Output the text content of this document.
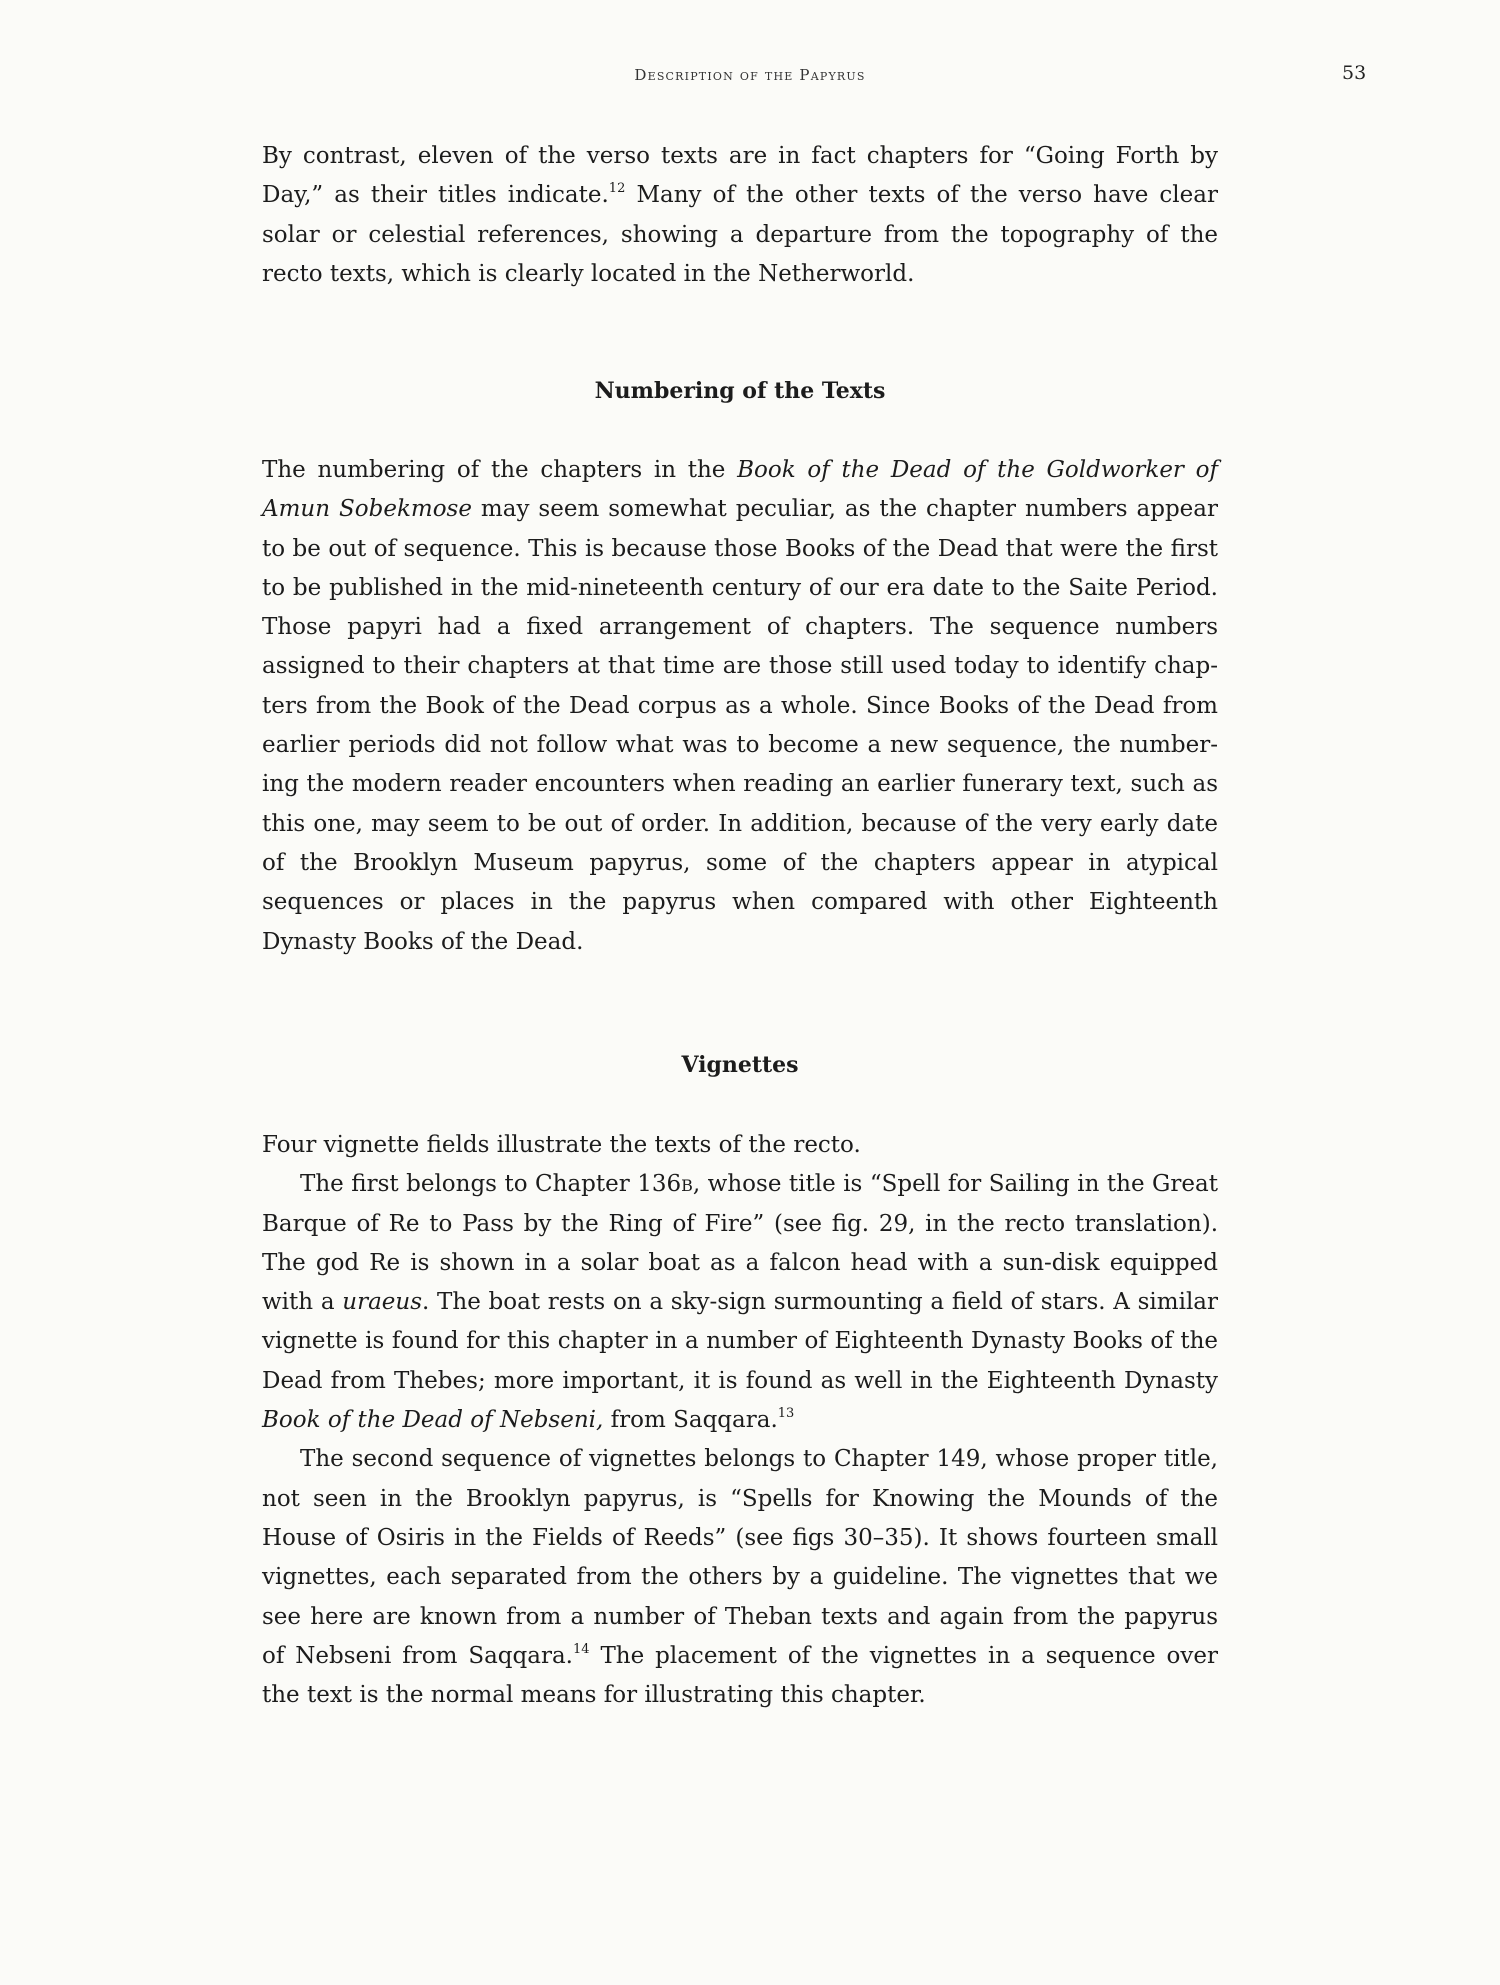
Description of the Papyrus	53

By contrast, eleven of the verso texts are in fact chapters for “Going Forth by Day,” as their titles indicate.$^{12}$ Many of the other texts of the verso have clear solar or celestial references, showing a departure from the topography of the recto texts, which is clearly located in the Netherworld.

Numbering of the Texts

The numbering of the chapters in the Book of the Dead of the Goldworker of Amun Sobekmose may seem somewhat peculiar, as the chapter numbers appear to be out of sequence. This is because those Books of the Dead that were the first to be published in the mid-nineteenth century of our era date to the Saite Period. Those papyri had a fixed arrangement of chapters. The sequence numbers assigned to their chapters at that time are those still used today to identify chapters from the Book of the Dead corpus as a whole. Since Books of the Dead from earlier periods did not follow what was to become a new sequence, the numbering the modern reader encounters when reading an earlier funerary text, such as this one, may seem to be out of order. In addition, because of the very early date of the Brooklyn Museum papyrus, some of the chapters appear in atypical sequences or places in the papyrus when compared with other Eighteenth Dynasty Books of the Dead.

Vignettes

Four vignette fields illustrate the texts of the recto.

The first belongs to Chapter 136b, whose title is “Spell for Sailing in the Great Barque of Re to Pass by the Ring of Fire” (see fig. 29, in the recto translation). The god Re is shown in a solar boat as a falcon head with a sun-disk equipped with a uraeus. The boat rests on a sky-sign surmounting a field of stars. A similar vignette is found for this chapter in a number of Eighteenth Dynasty Books of the Dead from Thebes; more important, it is found as well in the Eighteenth Dynasty Book of the Dead of Nebseni, from Saqqara.$^{13}$

The second sequence of vignettes belongs to Chapter 149, whose proper title, not seen in the Brooklyn papyrus, is “Spells for Knowing the Mounds of the House of Osiris in the Fields of Reeds” (see figs 30–35). It shows fourteen small vignettes, each separated from the others by a guideline. The vignettes that we see here are known from a number of Theban texts and again from the papyrus of Nebseni from Saqqara.$^{14}$ The placement of the vignettes in a sequence over the text is the normal means for illustrating this chapter.
